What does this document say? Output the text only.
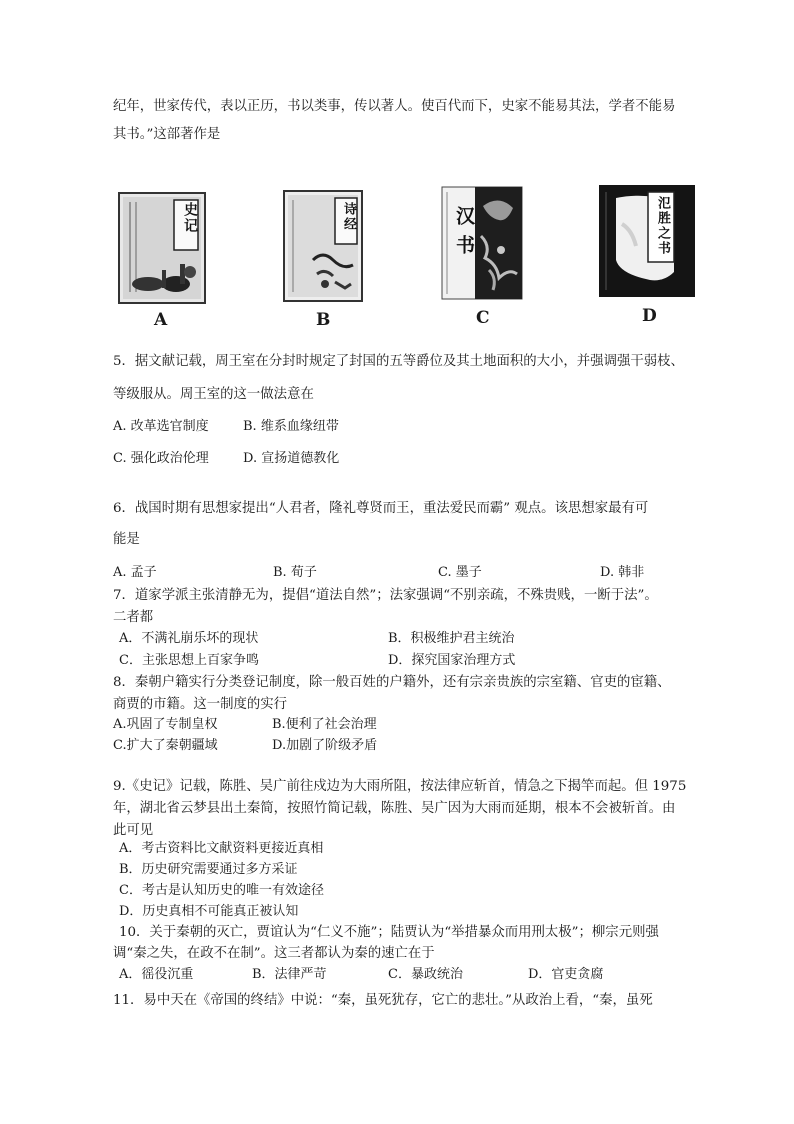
纪年，世家传代，表以正历，书以类事，传以著人。使百代而下，史家不能易其法，学者不能易
其书。”这部著作是
史记
A
诗经
B
汉书
C
氾胜之书
D
5．据文献记载，周王室在分封时规定了封国的五等爵位及其土地面积的大小，并强调强干弱枝、
等级服从。周王室的这一做法意在
A. 改革选官制度	B. 维系血缘纽带
C. 强化政治伦理	D. 宣扬道德教化
6．战国时期有思想家提出“人君者，隆礼尊贤而王，重法爱民而霸” 观点。该思想家最有可
能是
A. 孟子	B. 荀子	C. 墨子	D. 韩非
7．道家学派主张清静无为，提倡“道法自然”；法家强调“不别亲疏，不殊贵贱，一断于法”。
二者都
A．不满礼崩乐坏的现状	B．积极维护君主统治
C．主张思想上百家争鸣	D．探究国家治理方式
8．秦朝户籍实行分类登记制度，除一般百姓的户籍外，还有宗亲贵族的宗室籍、官吏的宦籍、
商贾的市籍。这一制度的实行
A.巩固了专制皇权	B.便利了社会治理
C.扩大了秦朝疆域	D.加剧了阶级矛盾
9.《史记》记载，陈胜、吴广前往戍边为大雨所阻，按法律应斩首，情急之下揭竿而起。但 1975
年，湖北省云梦县出土秦简，按照竹简记载，陈胜、吴广因为大雨而延期，根本不会被斩首。由
此可见
A．考古资料比文献资料更接近真相
B．历史研究需要通过多方采证
C．考古是认知历史的唯一有效途径
D．历史真相不可能真正被认知
10．关于秦朝的灭亡，贾谊认为“仁义不施”；陆贾认为“举措暴众而用刑太极”；柳宗元则强
调“秦之失，在政不在制”。这三者都认为秦的速亡在于
A．徭役沉重	B．法律严苛	C．暴政统治	D．官吏贪腐
11．易中天在《帝国的终结》中说：“秦，虽死犹存，它亡的悲壮。”从政治上看，“秦，虽死
